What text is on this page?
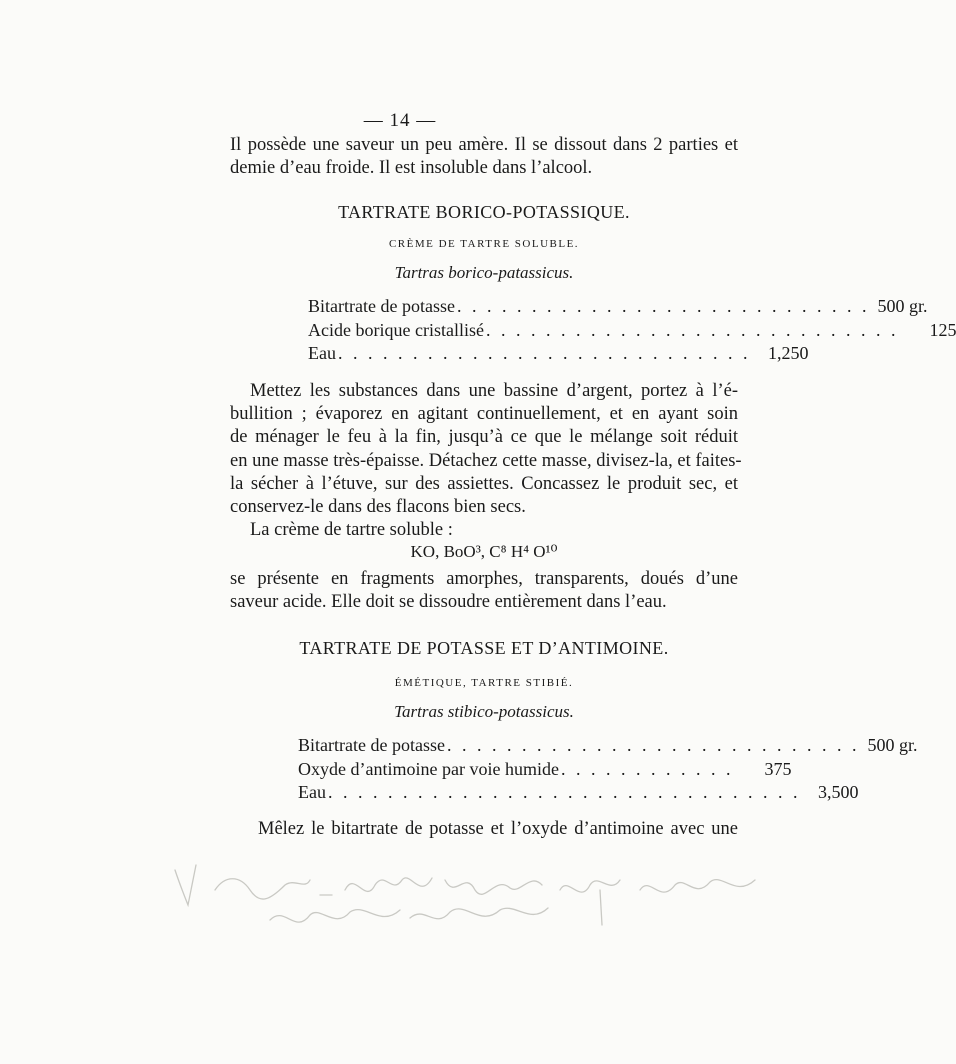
— 14 —
Il possède une saveur un peu amère. Il se dissout dans 2 parties et
demie d’eau froide. Il est insoluble dans l’alcool.
TARTRATE BORICO-POTASSIQUE.
CRÈME DE TARTRE SOLUBLE.
Tartras borico-patassicus.
Bitartrate de potasse . . . . . . . . . . . . . . . . . . . . . . . . . . . . 500 gr.
Acide borique cristallisé . . . . . . . . . . . . . . . . . . . . . . . . . . . .	125
Eau . . . . . . . . . . . . . . . . . . . . . . . . . . . . 1,250
Mettez les substances dans une bassine d’argent, portez à l’é-
bullition ; évaporez en agitant continuellement, et en ayant soin
de ménager le feu à la fin, jusqu’à ce que le mélange soit réduit
en une masse très-épaisse. Détachez cette masse, divisez-la, et faites-
la sécher à l’étuve, sur des assiettes. Concassez le produit sec, et
conservez-le dans des flacons bien secs.
La crème de tartre soluble :
KO, BoO³, C⁸ H⁴ O¹⁰
se présente en fragments amorphes, transparents, doués d’une
saveur acide. Elle doit se dissoudre entièrement dans l’eau.
TARTRATE DE POTASSE ET D’ANTIMOINE.
ÉMÉTIQUE, TARTRE STIBIÉ.
Tartras stibico-potassicus.
Bitartrate de potasse . . . . . . . . . . . . . . . . . . . . . . . . . . . . 500 gr.
Oxyde d’antimoine par voie humide . . . . . . . . . . . .	375
Eau . . . . . . . . . . . . . . . . . . . . . . . . . . . . . . . . 3,500
Mêlez le bitartrate de potasse et l’oxyde d’antimoine avec une
